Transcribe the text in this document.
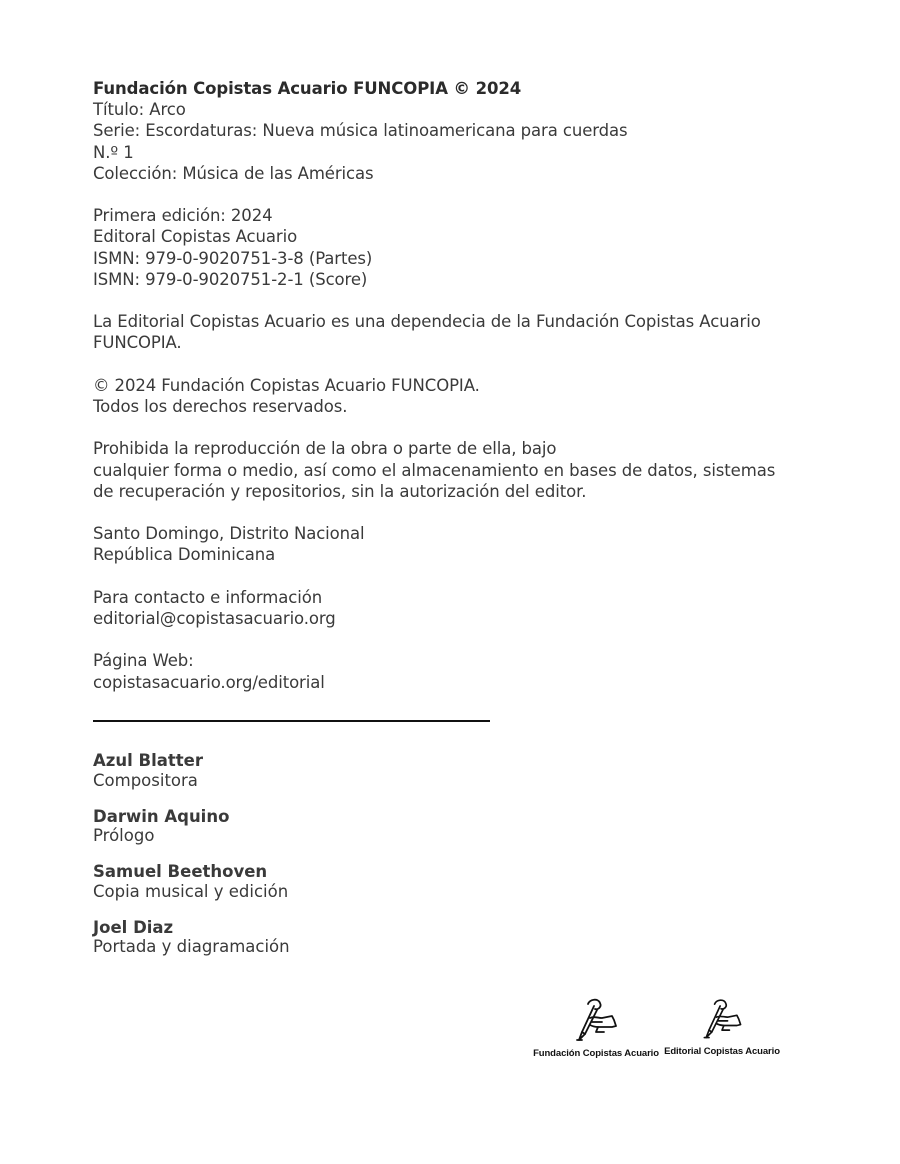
Fundación Copistas Acuario FUNCOPIA © 2024
Título: Arco
Serie: Escordaturas: Nueva música latinoamericana para cuerdas
N.º 1
Colección: Música de las Américas
Primera edición: 2024
Editoral Copistas Acuario
ISMN: 979-0-9020751-3-8 (Partes)
ISMN: 979-0-9020751-2-1 (Score)
La Editorial Copistas Acuario es una dependecia de la Fundación Copistas Acuario
FUNCOPIA.
© 2024 Fundación Copistas Acuario FUNCOPIA.
Todos los derechos reservados.
Prohibida la reproducción de la obra o parte de ella, bajo
cualquier forma o medio, así como el almacenamiento en bases de datos, sistemas
de recuperación y repositorios, sin la autorización del editor.
Santo Domingo, Distrito Nacional
República Dominicana
Para contacto e información
editorial@copistasacuario.org
Página Web:
copistasacuario.org/editorial
Azul Blatter
Compositora
Darwin Aquino
Prólogo
Samuel Beethoven
Copia musical y edición
Joel Diaz
Portada y diagramación
Fundación Copistas Acuario Editorial Copistas Acuario
